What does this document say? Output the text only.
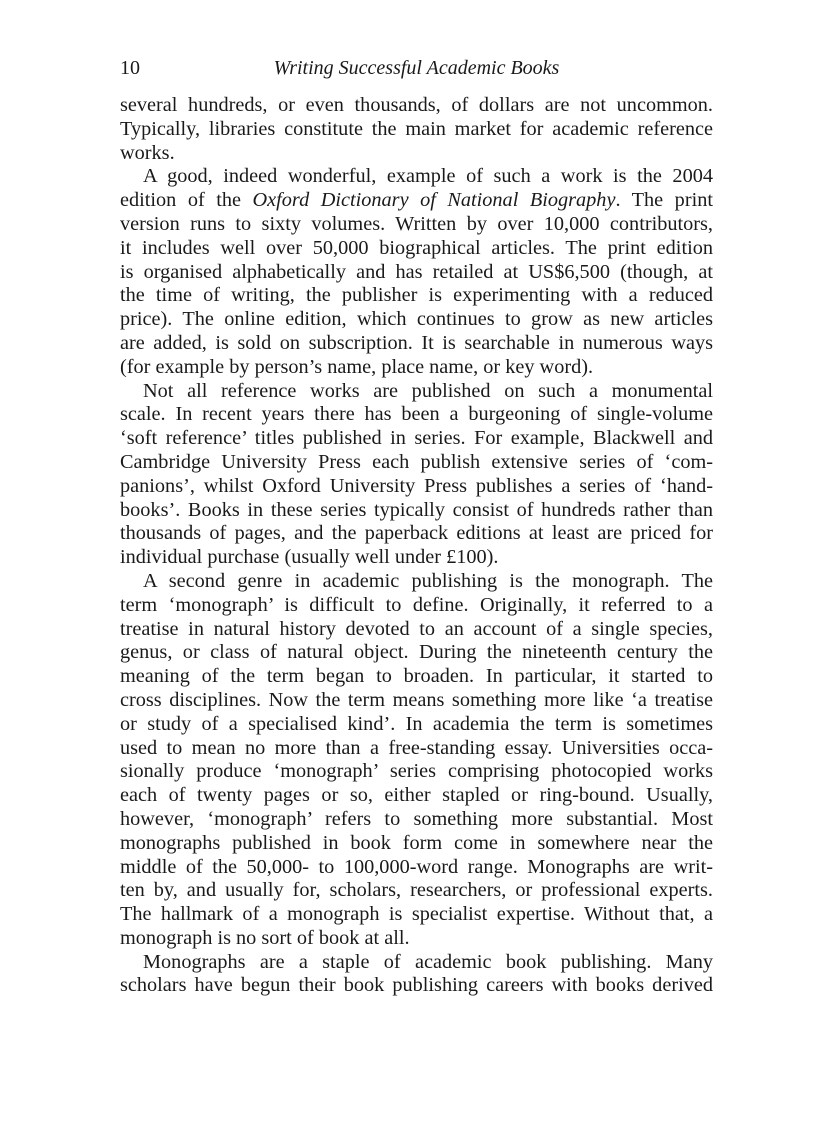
10	Writing Successful Academic Books
several hundreds, or even thousands, of dollars are not uncommon.
Typically, libraries constitute the main market for academic reference
works.
A good, indeed wonderful, example of such a work is the 2004
edition of the Oxford Dictionary of National Biography. The print
version runs to sixty volumes. Written by over 10,000 contributors,
it includes well over 50,000 biographical articles. The print edition
is organised alphabetically and has retailed at US$6,500 (though, at
the time of writing, the publisher is experimenting with a reduced
price). The online edition, which continues to grow as new articles
are added, is sold on subscription. It is searchable in numerous ways
(for example by person’s name, place name, or key word).
Not all reference works are published on such a monumental
scale. In recent years there has been a burgeoning of single-volume
‘soft reference’ titles published in series. For example, Blackwell and
Cambridge University Press each publish extensive series of ‘com-
panions’, whilst Oxford University Press publishes a series of ‘hand-
books’. Books in these series typically consist of hundreds rather than
thousands of pages, and the paperback editions at least are priced for
individual purchase (usually well under £100).
A second genre in academic publishing is the monograph. The
term ‘monograph’ is difficult to define. Originally, it referred to a
treatise in natural history devoted to an account of a single species,
genus, or class of natural object. During the nineteenth century the
meaning of the term began to broaden. In particular, it started to
cross disciplines. Now the term means something more like ‘a treatise
or study of a specialised kind’. In academia the term is sometimes
used to mean no more than a free-standing essay. Universities occa-
sionally produce ‘monograph’ series comprising photocopied works
each of twenty pages or so, either stapled or ring-bound. Usually,
however, ‘monograph’ refers to something more substantial. Most
monographs published in book form come in somewhere near the
middle of the 50,000- to 100,000-word range. Monographs are writ-
ten by, and usually for, scholars, researchers, or professional experts.
The hallmark of a monograph is specialist expertise. Without that, a
monograph is no sort of book at all.
Monographs are a staple of academic book publishing. Many
scholars have begun their book publishing careers with books derived
